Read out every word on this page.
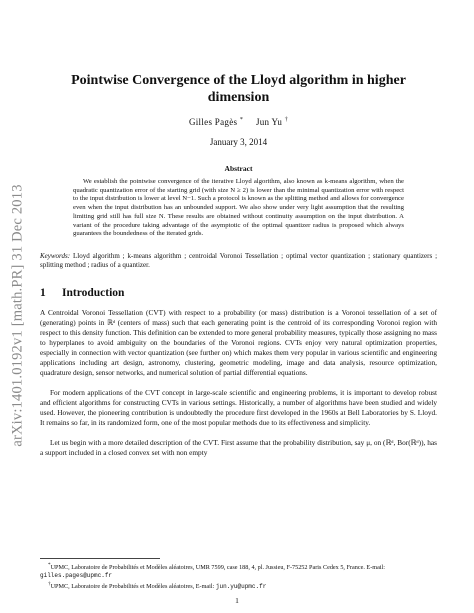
arXiv:1401.0192v1 [math.PR] 31 Dec 2013
Pointwise Convergence of the Lloyd algorithm in higher dimension
Gilles Pagès * Jun Yu †
January 3, 2014
Abstract
We establish the pointwise convergence of the iterative Lloyd algorithm, also known as k-means algorithm, when the quadratic quantization error of the starting grid (with size N ≥ 2) is lower than the minimal quantization error with respect to the input distribution is lower at level N−1. Such a protocol is known as the splitting method and allows for convergence even when the input distribution has an unbounded support. We also show under very light assumption that the resulting limiting grid still has full size N. These results are obtained without continuity assumption on the input distribution. A variant of the procedure taking advantage of the asymptotic of the optimal quantizer radius is proposed which always guarantees the boundedness of the iterated grids.
Keywords: Lloyd algorithm ; k-means algorithm ; centroidal Voronoi Tessellation ; optimal vector quantization ; stationary quantizers ; splitting method ; radius of a quantizer.
1 Introduction
A Centroidal Voronoi Tessellation (CVT) with respect to a probability (or mass) distribution is a Voronoi tessellation of a set of (generating) points in ℝᵈ (centers of mass) such that each generating point is the centroid of its corresponding Voronoi region with respect to this density function. This definition can be extended to more general probability measures, typically those assigning no mass to hyperplanes to avoid ambiguity on the boundaries of the Voronoi regions. CVTs enjoy very natural optimization properties, especially in connection with vector quantization (see further on) which makes them very popular in various scientific and engineering applications including art design, astronomy, clustering, geometric modeling, image and data analysis, resource optimization, quadrature design, sensor networks, and numerical solution of partial differential equations.
For modern applications of the CVT concept in large-scale scientific and engineering problems, it is important to develop robust and efficient algorithms for constructing CVTs in various settings. Historically, a number of algorithms have been studied and widely used. However, the pioneering contribution is undoubtedly the procedure first developed in the 1960s at Bell Laboratories by S. Lloyd. It remains so far, in its randomized form, one of the most popular methods due to its effectiveness and simplicity.
Let us begin with a more detailed description of the CVT. First assume that the probability distribution, say μ, on (ℝᵈ, Bor(ℝᵈ)), has a support included in a closed convex set with non empty

*UPMC, Laboratoire de Probabilités et Modèles aléatoires, UMR 7599, case 188, 4, pl. Jussieu, F-75252 Paris Cedex 5, France. E-mail: gilles.pages@upmc.fr

†UPMC, Laboratoire de Probabilités et Modèles aléatoires, E-mail: jun.yu@upmc.fr

1
